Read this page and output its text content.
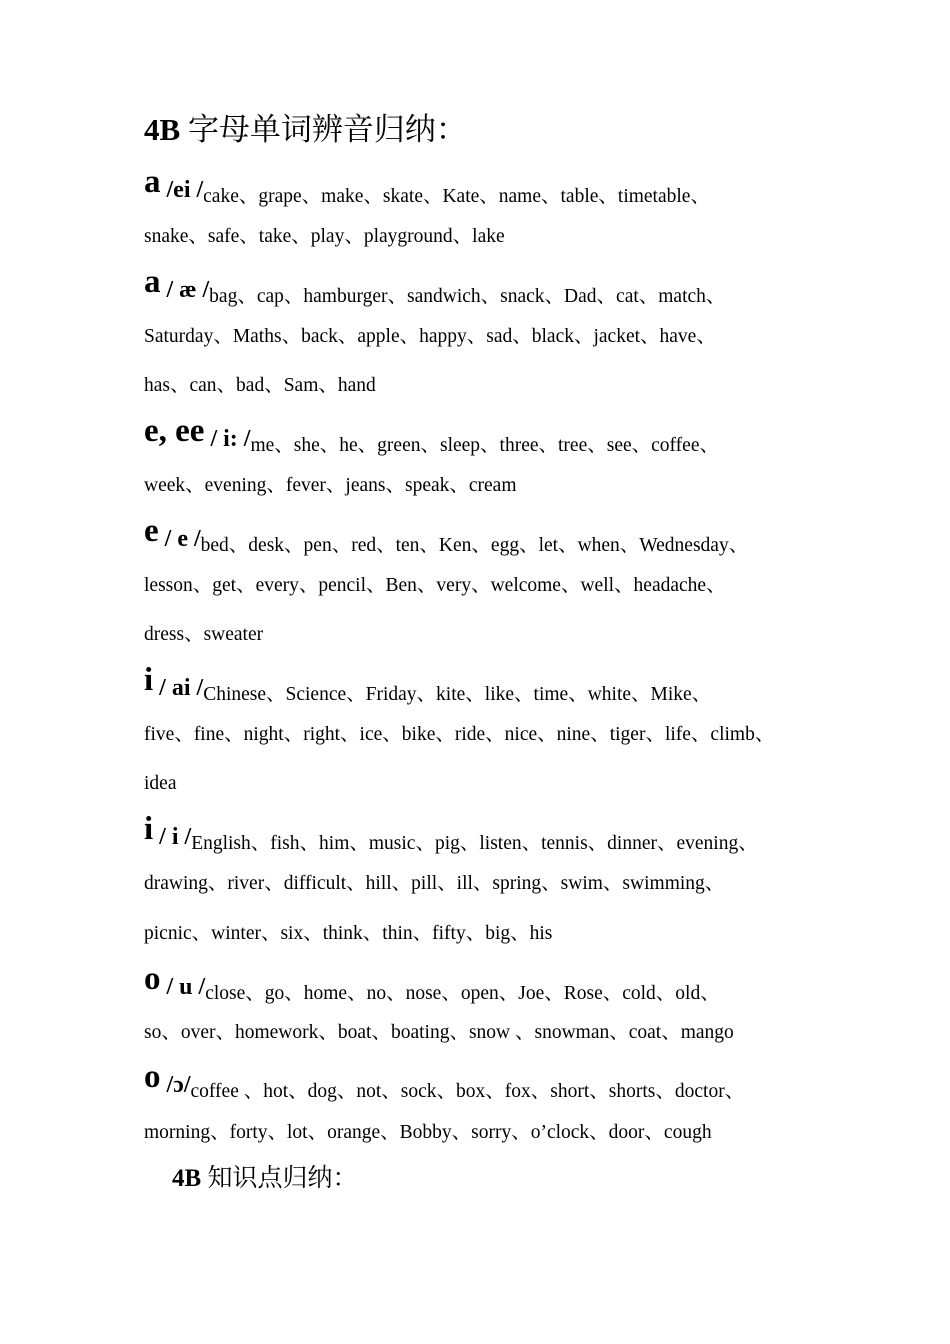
4B 字母单词辨音归纳：
a /ei /cake、grape、make、skate、Kate、name、table、timetable、
snake、safe、take、play、playground、lake
a / æ /bag、cap、hamburger、sandwich、snack、Dad、cat、match、
Saturday、Maths、back、apple、happy、sad、black、jacket、have、
has、can、bad、Sam、hand
e, ee / i: /me、she、he、green、sleep、three、tree、see、coffee、
week、evening、fever、jeans、speak、cream
e / e /bed、desk、pen、red、ten、Ken、egg、let、when、Wednesday、
lesson、get、every、pencil、Ben、very、welcome、well、headache、
dress、sweater
i / ai /Chinese、Science、Friday、kite、like、time、white、Mike、
five、fine、night、right、ice、bike、ride、nice、nine、tiger、life、climb、
idea
i / i /English、fish、him、music、pig、listen、tennis、dinner、evening、
drawing、river、difficult、hill、pill、ill、spring、swim、swimming、
picnic、winter、six、think、thin、fifty、big、his
o / u /close、go、home、no、nose、open、Joe、Rose、cold、old、
so、over、homework、boat、boating、snow 、snowman、coat、mango
o /ɔ/coffee 、hot、dog、not、sock、box、fox、short、shorts、doctor、
morning、forty、lot、orange、Bobby、sorry、o’clock、door、cough
4B 知识点归纳：
